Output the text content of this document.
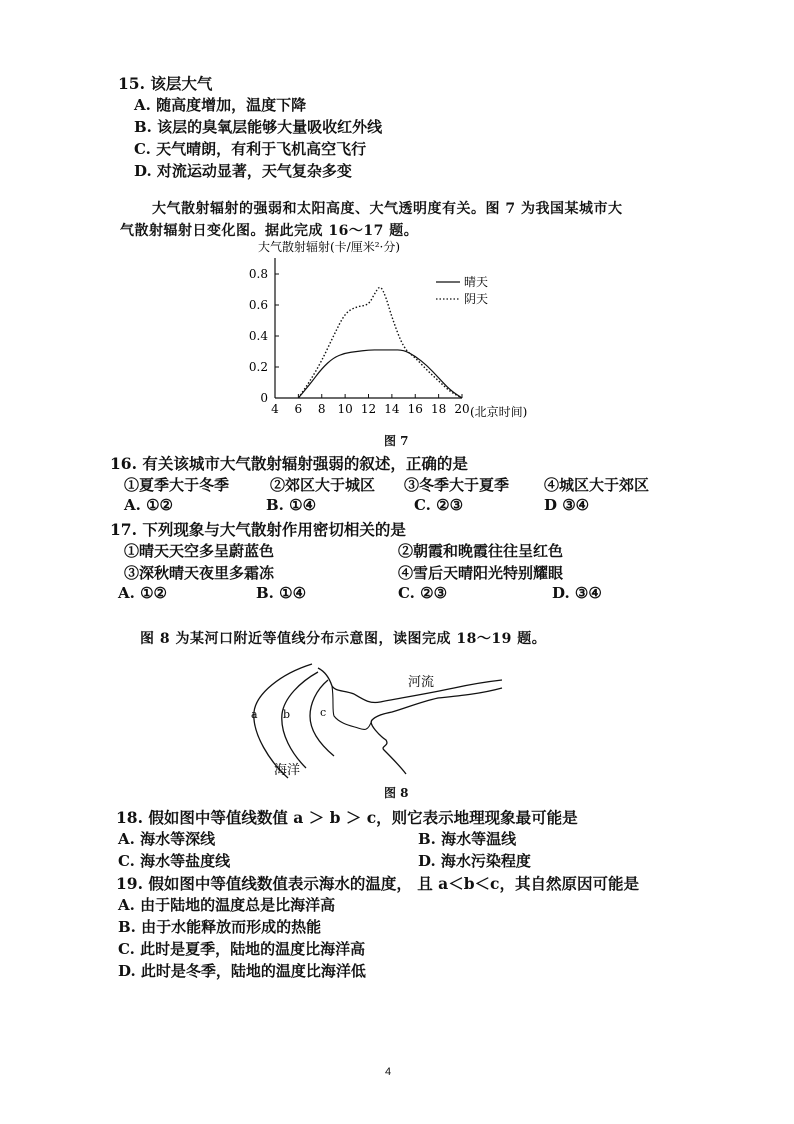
15. 该层大气
A. 随高度增加，温度下降
B. 该层的臭氧层能够大量吸收红外线
C. 天气晴朗，有利于飞机高空飞行
D. 对流运动显著，天气复杂多变
大气散射辐射的强弱和太阳高度、大气透明度有关。图 7 为我国某城市大
气散射辐射日变化图。据此完成 16～17 题。
4 6 8 10 12 14 16 18 20
0
0.2
0.4
0.6
0.8
晴天
阴天
大气散射辐射(卡/厘米²·分)
(北京时间)
图 7
16. 有关该城市大气散射辐射强弱的叙述，正确的是
①夏季大于冬季	②郊区大于城区 ③冬季大于夏季 ④城区大于郊区
A. ①②	B. ①④	C. ②③	D ③④
17. 下列现象与大气散射作用密切相关的是
①晴天天空多呈蔚蓝色	②朝霞和晚霞往往呈红色
③深秋晴天夜里多霜冻	④雪后天晴阳光特别耀眼
A. ①②	B. ①④	C. ②③	D. ③④
图 8 为某河口附近等值线分布示意图，读图完成 18～19 题。
a b	c
河流
海洋
图 8
18. 假如图中等值线数值 a ＞ b ＞ c，则它表示地理现象最可能是
A. 海水等深线	B. 海水等温线
C. 海水等盐度线	D. 海水污染程度
19. 假如图中等值线数值表示海水的温度， 且 a＜b＜c，其自然原因可能是
A. 由于陆地的温度总是比海洋高
B. 由于水能释放而形成的热能
C. 此时是夏季，陆地的温度比海洋高
D. 此时是冬季，陆地的温度比海洋低
4
